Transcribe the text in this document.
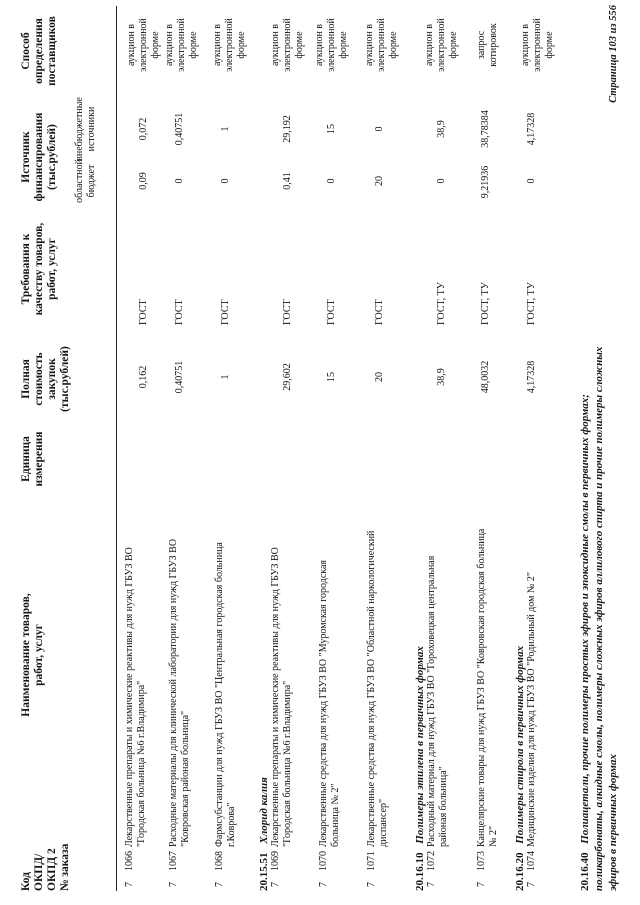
Код ОКПД/ ОКПД 2 № заказа
Наименование товаров, работ, услуг
Единица измерения
Полная стоимость закупок (тыс.рублей)
Требования к качеству товаров, работ, услуг
Источник финансирования (тыс.рублей) областной бюджет
внебюджетные источники
Способ определения поставщиков
7
1066
Лекарственные препараты и химические реактивы для нужд ГБУЗ ВО "Городская больница №6 г.Владимира"
0,162
ГОСТ
0,09
0,072
аукцион в электронной форме
7
1067
Расходные материалы для клинической лаборатории для нужд ГБУЗ ВО "Ковровская районая больница"
0,40751
ГОСТ
0
0,40751
аукцион в электронной форме
7
1068
Фармсубстанции для нужд ГБУЗ ВО "Центральная городская больница г.Коврова"
1
ГОСТ
0
1
аукцион в электронной форме
20.15.51 Хлорид калия
7
1069
Лекарственные препараты и химические реактивы для нужд ГБУЗ ВО "Городская больница №6 г.Владимира"
29,602
ГОСТ
0,41
29,192
аукцион в электронной форме
7
1070
Лекарственные средства для нужд ГБУЗ ВО "Муромская городская больница № 2"
15
ГОСТ
0
15
аукцион в электронной форме
7
1071
Лекарственные средства для нужд ГБУЗ ВО "Областной наркологический диспансер"
20
ГОСТ
20
0
аукцион в электронной форме
20.16.10 Полимеры этилена в первичных формах
7
1072
Расходный материал для нужд ГБУЗ ВО "Гороховецкая центральная районая больница"
38,9
ГОСТ, ТУ
0
38,9
аукцион в электронной форме
7
1073
Канцелярские товары для нужд ГБУЗ ВО "Ковровская городская больница № 2"
48,0032
ГОСТ, ТУ
9,21936
38,78384
запрос котировок
20.16.20 Полимеры стирола в первичных формах
7
1074
Медицинские изделия для нужд ГБУЗ ВО "Родильный дом № 2"
4,17328
ГОСТ, ТУ
0
4,17328
аукцион в электронной форме
20.16.40 Полиацетали, прочие полимеры простых эфиров и эпоксидные смолы в первичных формах; поликарбонаты, алкидные смолы, полимеры сложных эфиров аллилового спирта и прочие полимеры сложных эфиров в первичных формах
Страница 103 из 556
